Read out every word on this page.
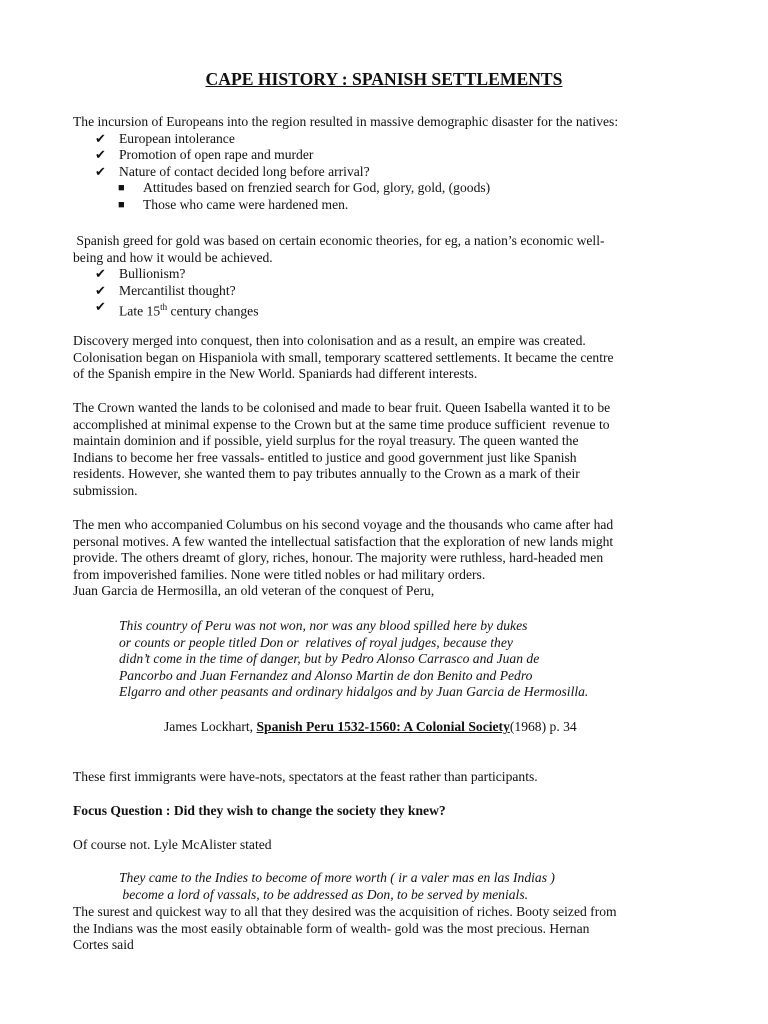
CAPE HISTORY : SPANISH SETTLEMENTS

The incursion of Europeans into the region resulted in massive demographic disaster for the natives:

✔ European intolerance
✔ Promotion of open rape and murder
✔ Nature of contact decided long before arrival?
■ Attitudes based on frenzied search for God, glory, gold, (goods)
■ Those who came were hardened men.

Spanish greed for gold was based on certain economic theories, for eg, a nation’s economic well-

being and how it would be achieved.

✔ Bullionism?
✔ Mercantilist thought?
✔ Late 15th century changes

Discovery merged into conquest, then into colonisation and as a result, an empire was created.

Colonisation began on Hispaniola with small, temporary scattered settlements. It became the centre

of the Spanish empire in the New World. Spaniards had different interests.

The Crown wanted the lands to be colonised and made to bear fruit. Queen Isabella wanted it to be

accomplished at minimal expense to the Crown but at the same time produce sufficient  revenue to

maintain dominion and if possible, yield surplus for the royal treasury. The queen wanted the

Indians to become her free vassals- entitled to justice and good government just like Spanish

residents. However, she wanted them to pay tributes annually to the Crown as a mark of their

submission.

The men who accompanied Columbus on his second voyage and the thousands who came after had

personal motives. A few wanted the intellectual satisfaction that the exploration of new lands might

provide. The others dreamt of glory, riches, honour. The majority were ruthless, hard-headed men

from impoverished families. None were titled nobles or had military orders.

Juan Garcia de Hermosilla, an old veteran of the conquest of Peru,

This country of Peru was not won, nor was any blood spilled here by dukes

or counts or people titled Don or  relatives of royal judges, because they

didn’t come in the time of danger, but by Pedro Alonso Carrasco and Juan de

Pancorbo and Juan Fernandez and Alonso Martin de don Benito and Pedro

Elgarro and other peasants and ordinary hidalgos and by Juan Garcia de Hermosilla.

James Lockhart, Spanish Peru 1532-1560: A Colonial Society(1968) p. 34

These first immigrants were have-nots, spectators at the feast rather than participants.

Focus Question : Did they wish to change the society they knew?
Of course not. Lyle McAlister stated

They came to the Indies to become of more worth ( ir a valer mas en las Indias )

become a lord of vassals, to be addressed as Don, to be served by menials.

The surest and quickest way to all that they desired was the acquisition of riches. Booty seized from

the Indians was the most easily obtainable form of wealth- gold was the most precious. Hernan

Cortes said
